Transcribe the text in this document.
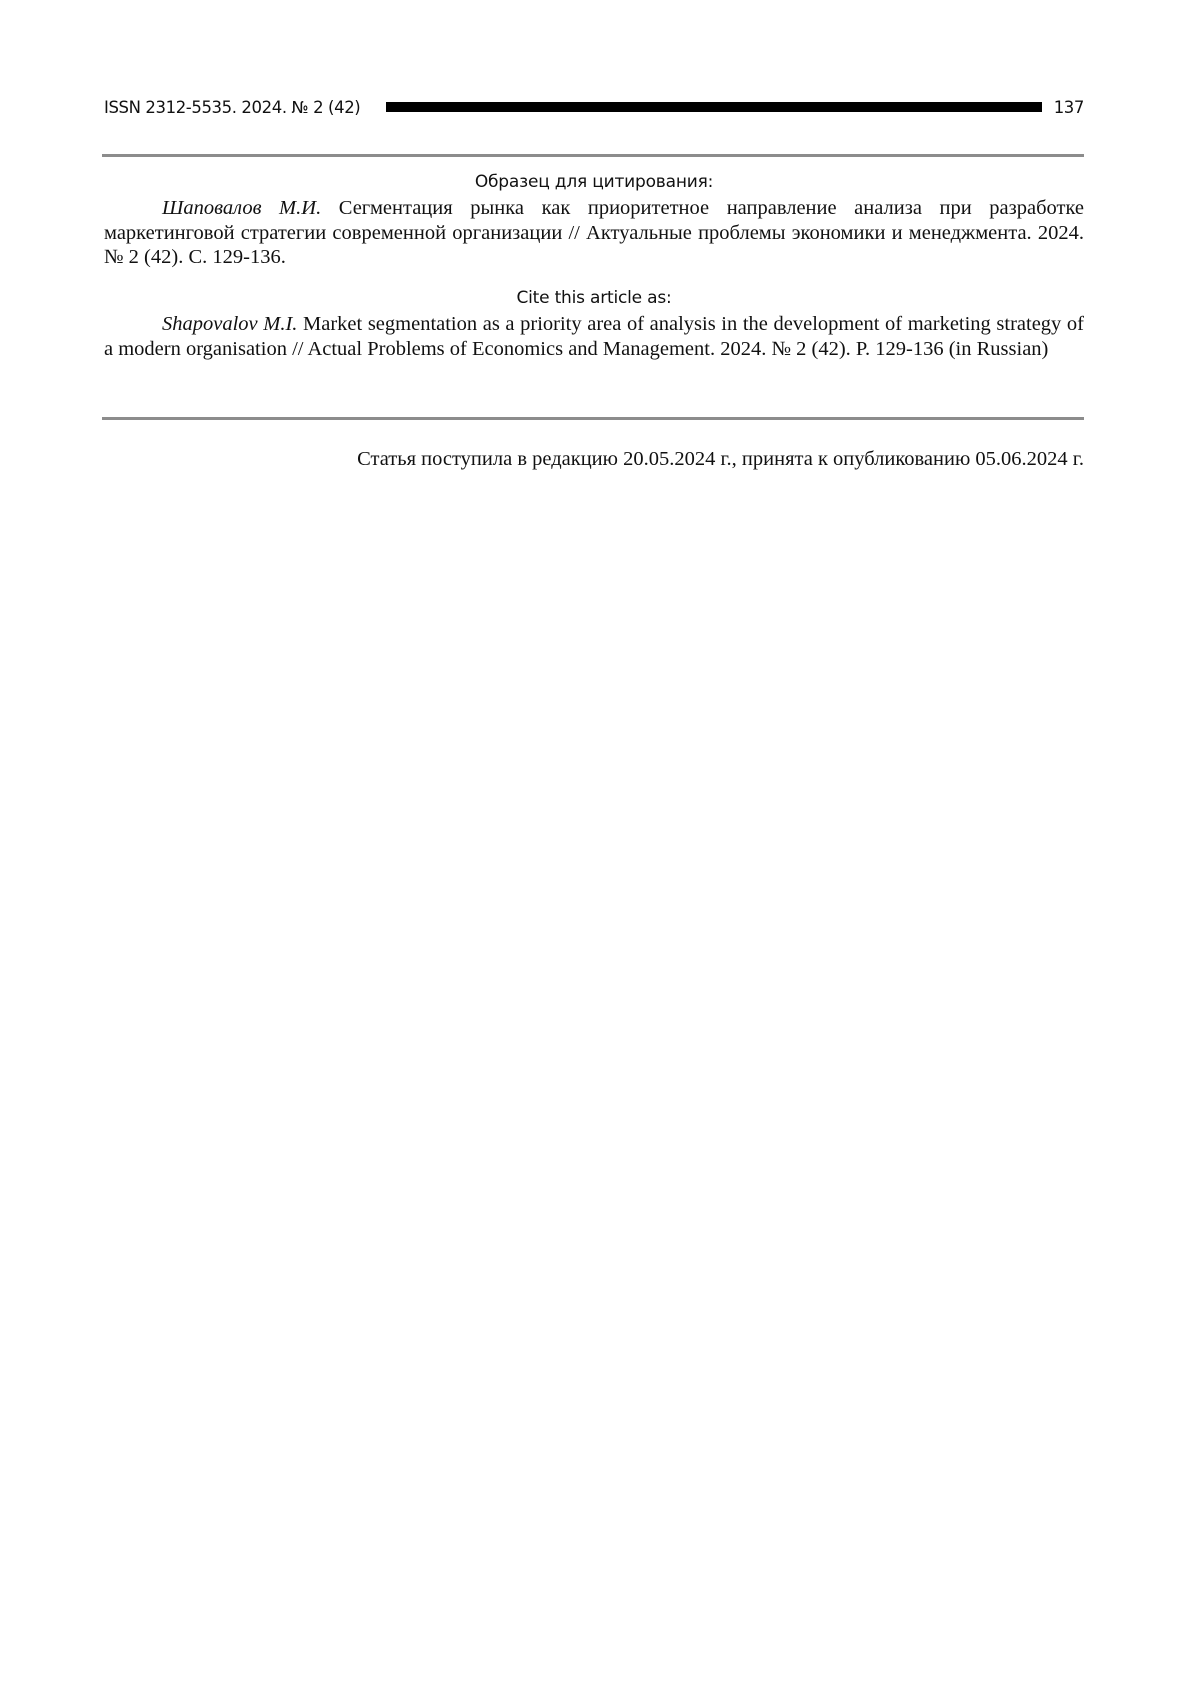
ISSN 2312-5535. 2024. № 2 (42)	137
Образец для цитирования:

Шаповалов М.И. Сегментация рынка как приоритетное направление анализа при разработке маркетинговой стратегии современной организации // Актуальные проблемы экономики и менеджмента. 2024. № 2 (42). С. 129-136.

Cite this article as:

Shapovalov M.I. Market segmentation as a priority area of analysis in the development of marketing strategy of a modern organisation // Actual Problems of Economics and Management. 2024. № 2 (42). P. 129-136 (in Russian)

Статья поступила в редакцию 20.05.2024 г., принята к опубликованию 05.06.2024 г.
